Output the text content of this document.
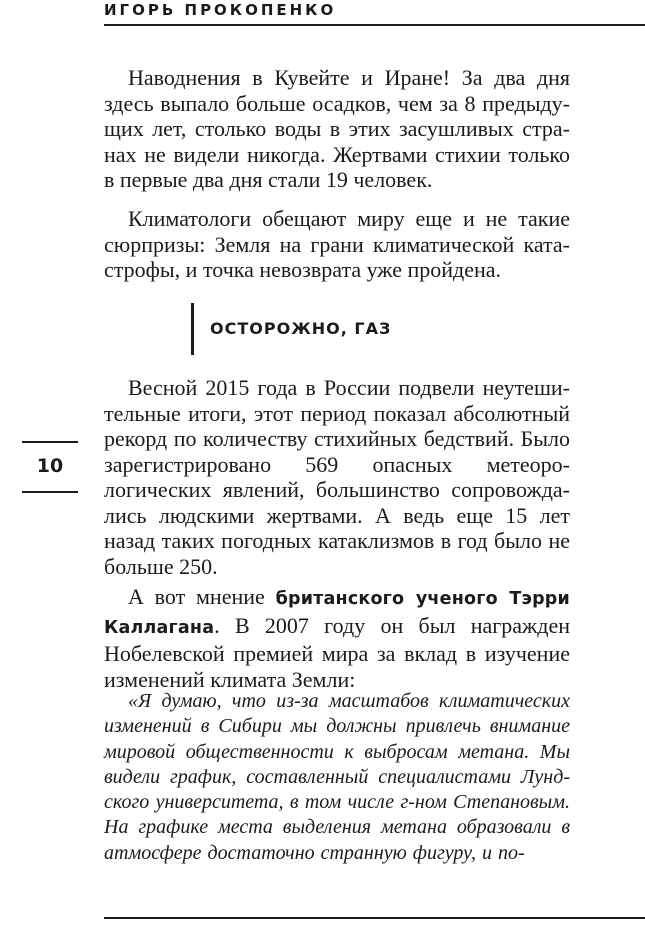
ИГОРЬ ПРОКОПЕНКО

Наводнения в Кувейте и Иране! За два дня здесь выпало больше осадков, чем за 8 предыдущих лет, столько воды в этих засушливых странах не видели никогда. Жертвами стихии только в первые два дня стали 19 человек.

Климатологи обещают миру еще и не такие сюрпризы: Земля на грани климатической катастрофы, и точка невозврата уже пройдена.

ОСТОРОЖНО, ГАЗ

Весной 2015 года в России подвели неутешительные итоги, этот период показал абсолютный рекорд по количеству стихийных бедствий. Было зарегистрировано 569 опасных метеорологических явлений, большинство сопровождались людскими жертвами. А ведь еще 15 лет назад таких погодных катаклизмов в год было не больше 250.

А вот мнение британского ученого Тэрри Каллагана. В 2007 году он был награжден Нобелевской премией мира за вклад в изучение изменений климата Земли:

«Я думаю, что из-за масштабов климатических изменений в Сибири мы должны привлечь внимание мировой общественности к выбросам метана. Мы видели график, составленный специалистами Лундского университета, в том числе г-ном Степановым. На графике места выделения метана образовали в атмосфере достаточно странную фигуру, и по-

10
